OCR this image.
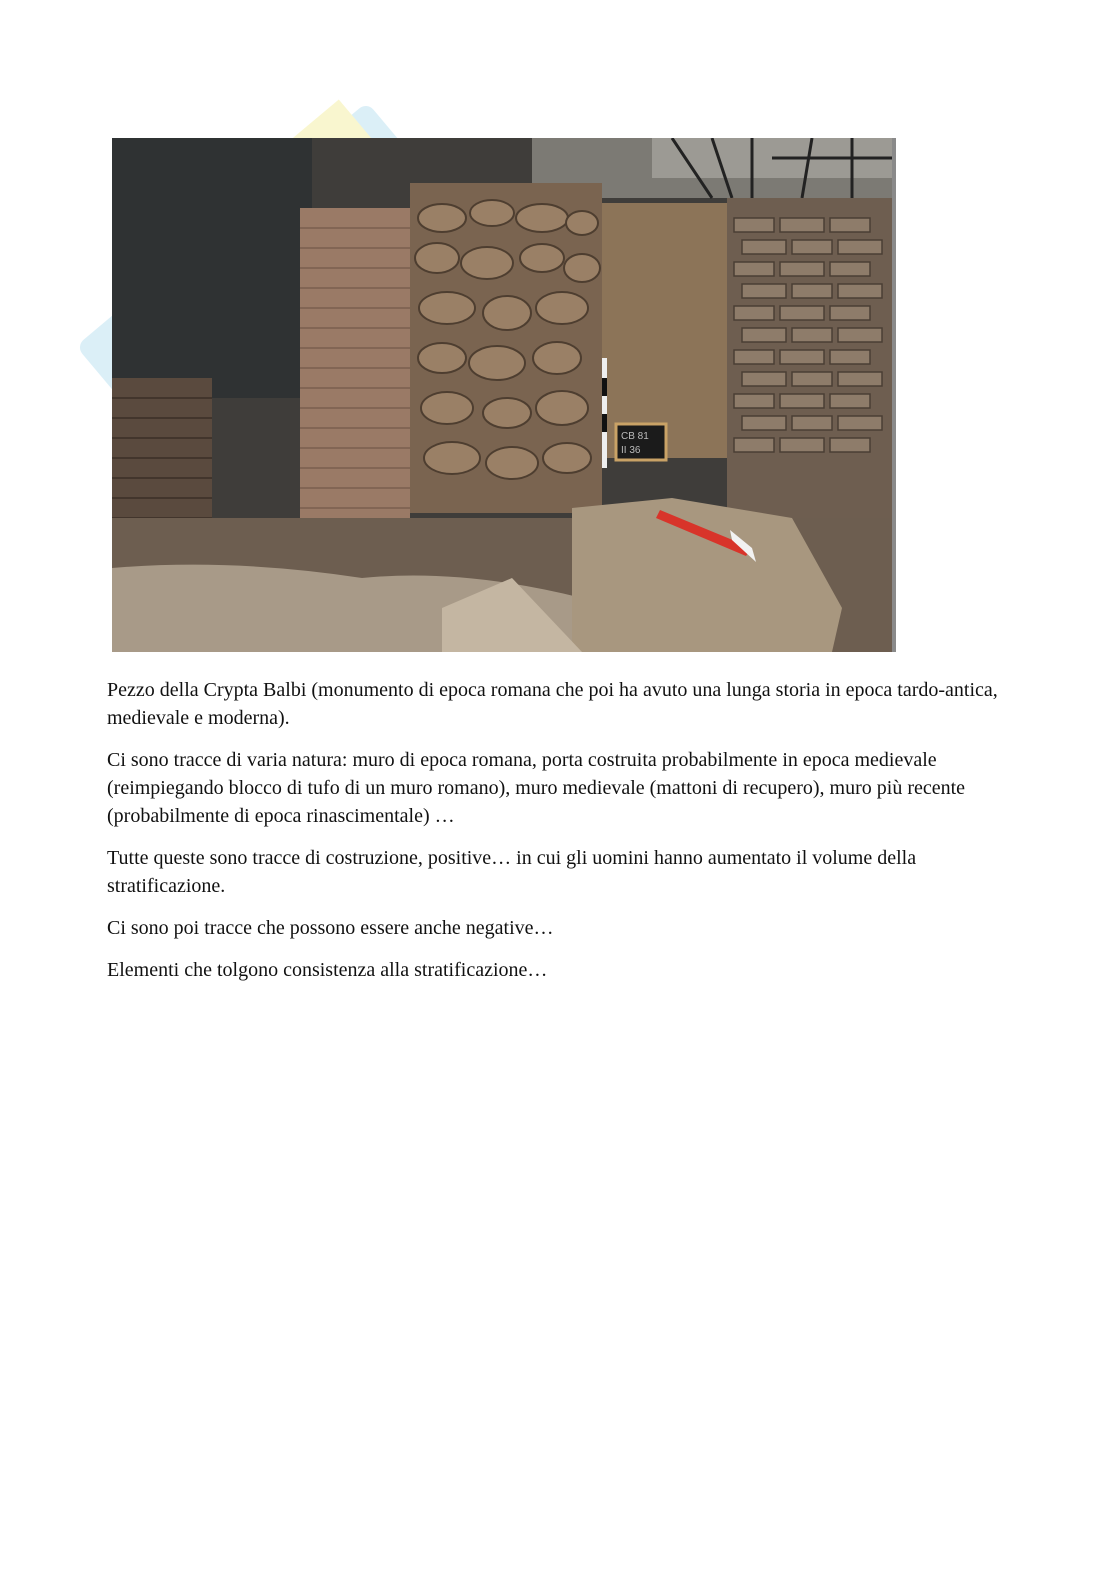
CB 81
II 36

Pezzo della Crypta Balbi (monumento di epoca romana che poi ha avuto una lunga storia in epoca tardo-antica, medievale e moderna).

Ci sono tracce di varia natura: muro di epoca romana, porta costruita probabilmente in epoca medievale (reimpiegando blocco di tufo di un muro romano), muro medievale (mattoni di recupero), muro più recente (probabilmente di epoca rinascimentale) …

Tutte queste sono tracce di costruzione, positive… in cui gli uomini hanno aumentato il volume della stratificazione.

Ci sono poi tracce che possono essere anche negative…

Elementi che tolgono consistenza alla stratificazione…
